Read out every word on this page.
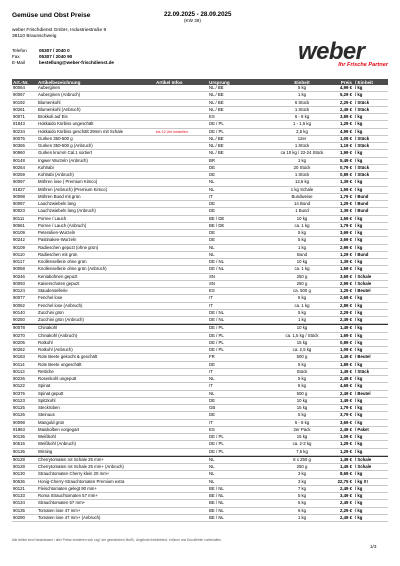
Gemüse und Obst Preise	22.09.2025 - 28.09.2025
(KW 39)
weber Frischdienst GmbH, Industriestraße 9
38110 Braunschweig
Telefon	05307 / 2040 0
Fax	05307 / 2040 90
E-Mail	bestellung@weber-frischdienst.de	weber
Ihr Frische Partner
Art.-Nr. Artikelbezeichnung	Artikel Infos	Ursprung	Einheit	Preis / Einheit
90064	Auberginen	NL / BE	5 kg	4,99 € / kg
90067	Auberginen (Anbruch)	NL / BE	1 kg	5,29 € / kg
90192	Blumenkohl	NL / BE	6 Stück	2,29 € / Stück
90261	Blumenkohl (Anbruch)	NL / BE	1 Stück	2,49 € / Stück
90071	Brokkoli auf Eis	ES	6 - 8 kg	3,89 € / kg
91843	Hokkaido Kürbiss ungeschält	DE / PL	1 - 1,5 kg	1,29 € / kg
90234	Hokkaido Kürbiss geschält 29mm mit Schale	bis 12 Uhr bestellen	DE / PL	2,5 kg	4,99 € / kg
90076	Gurken 350-500 g	NL / BE	12er	1,09 € / Stück
90365	Gurken 350-500 g (Anbruch)	NL / BE	1 Stück	1,19 € / Stück
90960	Gurken krumm Cal.1 sortiert	NL / BE	ca 10 kg / 22-24 Stück	1,99 € / kg
90148	Ingwer Wurzeln (Anbruch)	BR	1 kg	5,49 € / kg
90264	Kohlrabi	DE	20 Stück	0,79 € / Stück
90259	Kohlrabi (Anbruch)	DE	1 Stück	0,89 € / Stück
90097	Möhren lose ( Premium Kimco)	NL	12,5 kg	1,39 € / kg
91827	Möhren (Anbruch) (Premium Kimco)	NL	1 kg Schale	1,59 € / kg
90098	Möhren Bund mit grün	IT	Bundweise	1,79 € / Bund
90087	Lauchzwiebeln lang	DE	14 Bund	1,29 € / Bund
90023	Lauchzwiebeln lang (Anbruch)	DE	1 Bund	1,39 € / Bund
90111	Porree / Lauch	BE / DE	10 kg	1,59 € / kg
90661	Porree / Lauch (Anbruch)	BE / DE	ca. 1 kg	1,79 € / kg
90109	Petersilien-Wurzeln	DE	5 kg	3,69 € / kg
90242	Pastinaken-Wurzeln	DE	5 kg	3,69 € / kg
90109	Radieschen gepuzt (ohne grün)	NL	1 kg	2,99 € / kg
90110	Radieschen mit grün	NL	Bund	1,29 € / Bund
90117	Knollensellerie ohne grün	DE / NL	10 kg	1,39 € / kg
90058	Knollensellerie ohne grün (Anbruch)	DE / NL	ca. 1 kg	1,59 € / kg
90246	Keniabohnen gepuzt	SN	250 g	3,69 € / Schale
90093	Kaiserschoten gepuzt	SN	250 g	2,99 € / Schale
90124	Staudensellerie	ES	ca. 500 g	1,29 € / Beutel
90077	Fenchel lose	IT	5 kg	2,69 € / kg
90062	Fenchel lose (Anbruch)	IT	ca. 1 kg	2,89 € / kg
90140	Zucchini grün	DE / NL	5 kg	2,29 € / kg
90250	Zucchini grün (Anbruch)	DE / NL	1 kg	2,49 € / kg
90078	Chinakohl	DE / PL	10 kg	1,49 € / kg
90270	Chinakohl (Anbruch)	DE / PL	ca. 1,5 kg / Stück	1,69 € / kg
90205	Rotkohl	DE / PL	15 kg	0,89 € / kg
90262	Rotkohl (Anbruch)	DE / PL	ca. 2,5 kg	1,09 € / kg
90183	Rote Beete gekocht & geschält	FR	500 g	1,49 € / Beutel
90114	Rote Beete ungeschält	DE	5 kg	1,89 € / kg
90113	Rettiche	IT	Stück	1,49 € / Stück
90226	Rosenkohl ungeputt	NL	5 kg	2,49 € / kg
90122	Spinat	IT	5 kg	4,69 € / kg
90376	Spinat geputt	NL	500 g	2,49 € / Beutel
90123	Spitzkohl	DE	10 kg	1,49 € / kg
90125	Steckrüben	GB	15 kg	1,79 € / kg
90126	Steinuus	DE	5 kg	3,79 € / kg
90098	Mangold grün	IT	5 - 8 kg	3,69 € / kg
91863	Maiskolben vorgegart	ES	2er Pack	2,49 € / Paket
90136	Weißkohl	DE / PL	15 kg	1,09 € / kg
90516	Weißkohl (Anbruch)	DE / PL	ca. 2-3 kg	1,29 € / kg
90136	Wirsing	DE / PL	7,5 kg	1,29 € / kg
90128	Cherrytomaten rot Schale 25 mm+	NL	8 x 250 g	1,49 € / Schale
90128	Cherrytomaten rot Schale 25 mm+ (Anbruch)	NL	250 g	1,49 € / Schale
90130	Strauchtomaten Cherry klein 20 mm+	NL	3 kg	8,69 € / kg
90536	Honig-Cherry-Strauchtomaten Premium extra	NL	3 kg	22,75 € / kg !!!
90121	Fleischtomaten gelegt 90 mm+	BE / NL	7 kg	2,49 € / kg
90133	Roma Strauchtomaten 57 mm+	BE / NL	5 kg	3,49 € / kg
90134	Strauchtomaten 57 mm+	BE / NL	5 kg	2,49 € / kg
90135	Tomaten lose 47 mm+	BE / NL	6 kg	2,29 € / kg
90290	Tomaten lose 47 mm+ (Anbruch)	BE / NL	1 kg	2,49 € / kg
Alle Artikel sind Handelsware / aller Preise verstehen sich zzgl. der gesetzlichen MwSt., Angebote freibleibend. Irrtümer und Druckfehler vorbehalten.
1/3
